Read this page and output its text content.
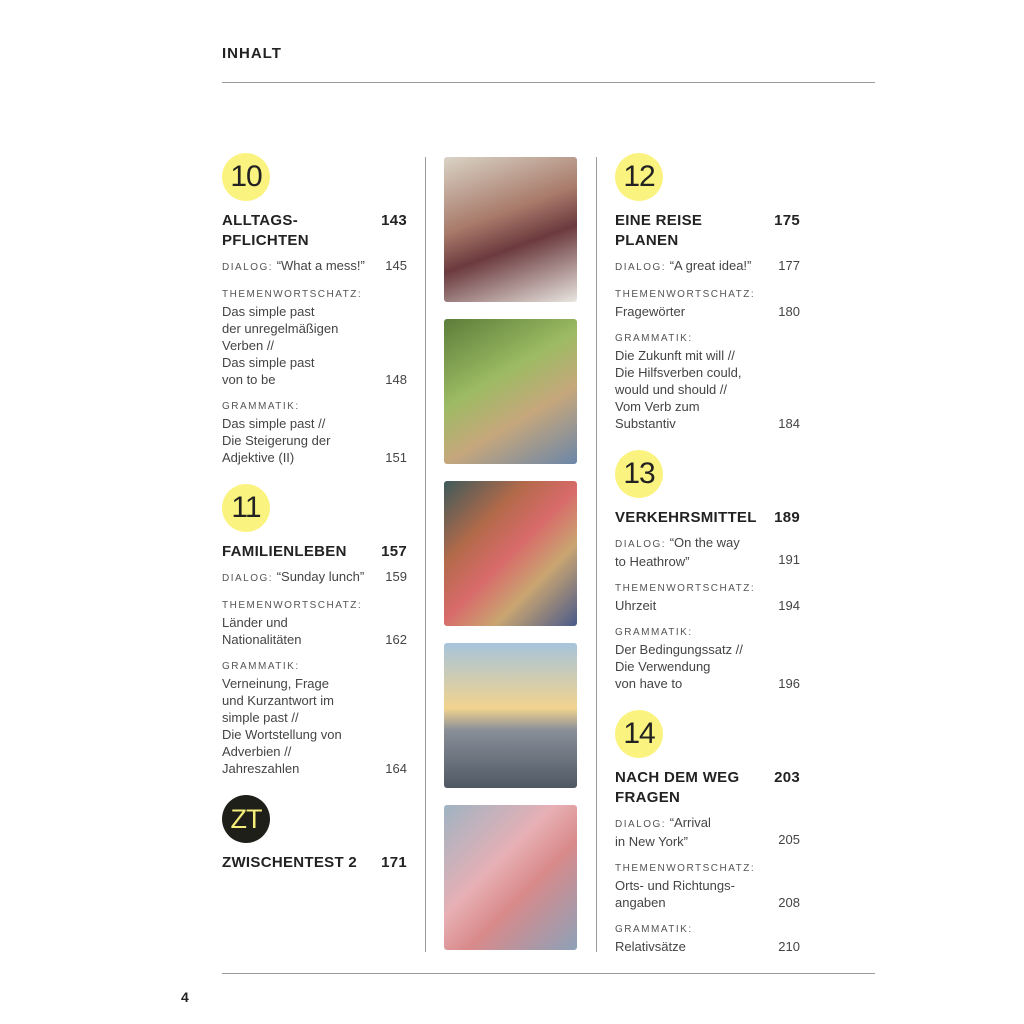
INHALT
10
143
ALLTAGS-
PFLICHTEN
145
DIALOG: “What a mess!”
THEMENWORTSCHATZ:
148
Das simple past
der unregelmäßigen
Verben //
Das simple past
von to be
GRAMMATIK:
151
Das simple past //
Die Steigerung der
Adjektive (II)
11
157
FAMILIENLEBEN
159
DIALOG: “Sunday lunch”
THEMENWORTSCHATZ:
162
Länder und
Nationalitäten
GRAMMATIK:
164
Verneinung, Frage
und Kurzantwort im
simple past //
Die Wortstellung von
Adverbien //
Jahreszahlen
ZT
171
ZWISCHENTEST 2
12
175
EINE REISE
PLANEN
177
DIALOG: “A great idea!”
THEMENWORTSCHATZ:
180
Fragewörter
GRAMMATIK:
184
Die Zukunft mit will //
Die Hilfsverben could,
would und should //
Vom Verb zum
Substantiv
13
189
VERKEHRSMITTEL
191
DIALOG: “On the way
to Heathrow”
THEMENWORTSCHATZ:
194
Uhrzeit
GRAMMATIK:
196
Der Bedingungssatz //
Die Verwendung
von have to
14
203
NACH DEM WEG
FRAGEN
205
DIALOG: “Arrival
in New York”
THEMENWORTSCHATZ:
208
Orts- und Richtungs-
angaben
GRAMMATIK:
210
Relativsätze
4
